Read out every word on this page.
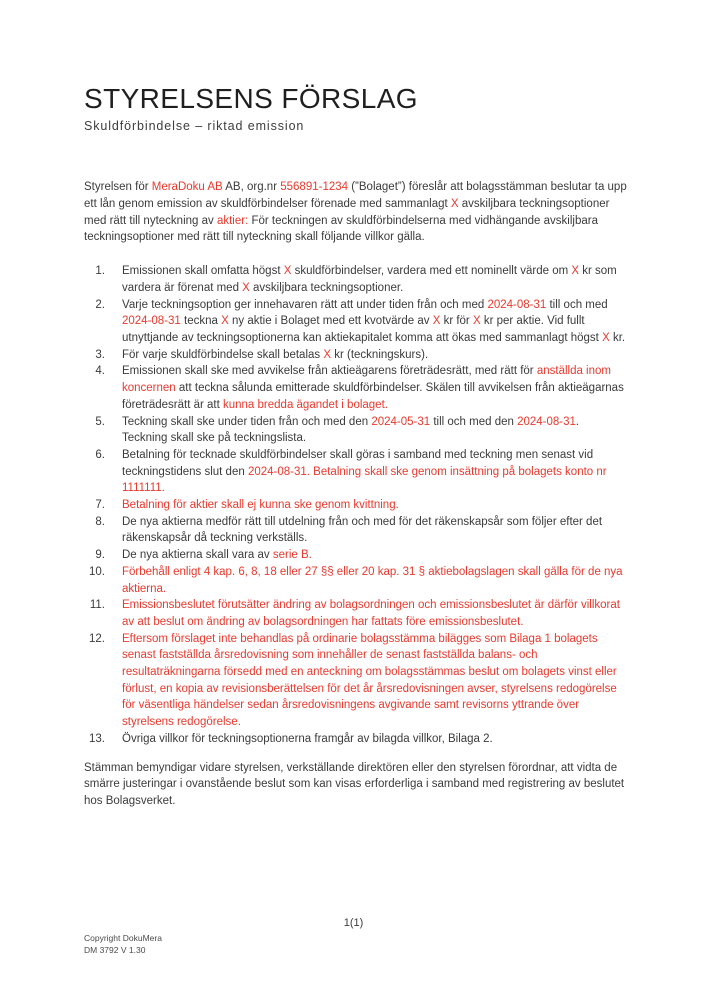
STYRELSENS FÖRSLAG
Skuldförbindelse – riktad emission

Styrelsen för MeraDoku AB AB, org.nr 556891-1234 (”Bolaget”) föreslår att bolagsstämman beslutar ta upp ett lån genom emission av skuldförbindelser förenade med sammanlagt X avskiljbara teckningsoptioner med rätt till nyteckning av aktier: För teckningen av skuldförbindelserna med vidhängande avskiljbara teckningsoptioner med rätt till nyteckning skall följande villkor gälla.

1. Emissionen skall omfatta högst X skuldförbindelser, vardera med ett nominellt värde om X kr som vardera är förenat med X avskiljbara teckningsoptioner.
2. Varje teckningsoption ger innehavaren rätt att under tiden från och med 2024-08-31 till och med 2024-08-31 teckna X ny aktie i Bolaget med ett kvotvärde av X kr för X kr per aktie. Vid fullt utnyttjande av teckningsoptionerna kan aktiekapitalet komma att ökas med sammanlagt högst X kr.
3. För varje skuldförbindelse skall betalas X kr (teckningskurs).
4. Emissionen skall ske med avvikelse från aktieägarens företrädesrätt, med rätt för anställda inom koncernen att teckna sålunda emitterade skuldförbindelser. Skälen till avvikelsen från aktieägarnas företrädesrätt är att kunna bredda ägandet i bolaget.
5. Teckning skall ske under tiden från och med den 2024-05-31 till och med den 2024-08-31. Teckning skall ske på teckningslista.
6. Betalning för tecknade skuldförbindelser skall göras i samband med teckning men senast vid teckningstidens slut den 2024-08-31. Betalning skall ske genom insättning på bolagets konto nr 1111111.
7. Betalning för aktier skall ej kunna ske genom kvittning.
8. De nya aktierna medför rätt till utdelning från och med för det räkenskapsår som följer efter det räkenskapsår då teckning verkställs.
9. De nya aktierna skall vara av serie B.
10. Förbehåll enligt 4 kap. 6, 8, 18 eller 27 §§ eller 20 kap. 31 § aktiebolagslagen skall gälla för de nya aktierna.
11. Emissionsbeslutet förutsätter ändring av bolagsordningen och emissionsbeslutet är därför villkorat av att beslut om ändring av bolagsordningen har fattats före emissionsbeslutet.
12. Eftersom förslaget inte behandlas på ordinarie bolagsstämma bilägges som Bilaga 1 bolagets senast fastställda årsredovisning som innehåller de senast fastställda balans- och resultaträkningarna försedd med en anteckning om bolagsstämmas beslut om bolagets vinst eller förlust, en kopia av revisionsberättelsen för det år årsredovisningen avser, styrelsens redogörelse för väsentliga händelser sedan årsredovisningens avgivande samt revisorns yttrande över styrelsens redogörelse.
13. Övriga villkor för teckningsoptionerna framgår av bilagda villkor, Bilaga 2.

Stämman bemyndigar vidare styrelsen, verkställande direktören eller den styrelsen förordnar, att vidta de smärre justeringar i ovanstående beslut som kan visas erforderliga i samband med registrering av beslutet hos Bolagsverket.

1(1)
Copyright DokuMera
DM 3792 V 1.30
